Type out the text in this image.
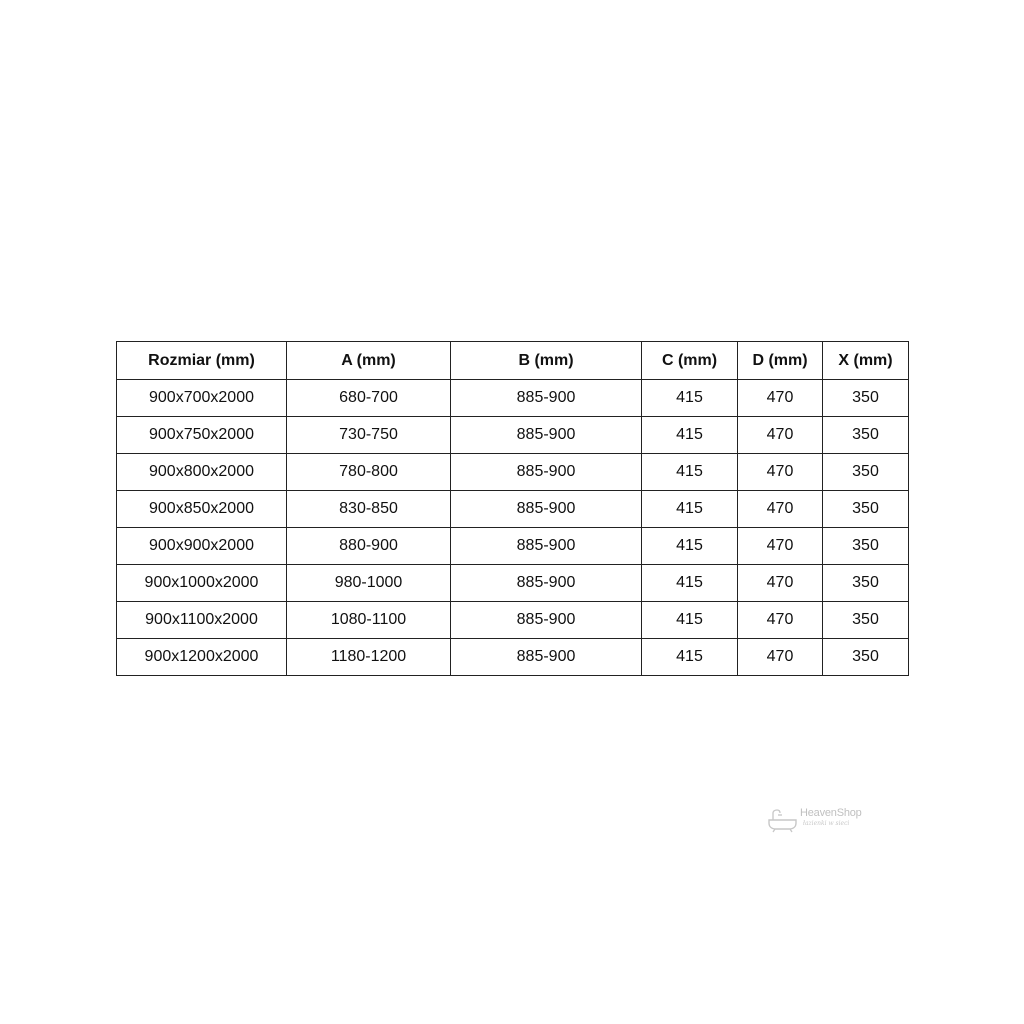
Rozmiar (mm)	A (mm)	B (mm)	C (mm)	D (mm)	X (mm)
900x700x2000	680-700	885-900	415	470	350
900x750x2000	730-750	885-900	415	470	350
900x800x2000	780-800	885-900	415	470	350
900x850x2000	830-850	885-900	415	470	350
900x900x2000	880-900	885-900	415	470	350
900x1000x2000	980-1000	885-900	415	470	350
900x1100x2000	1080-1100	885-900	415	470	350
900x1200x2000	1180-1200	885-900	415	470	350
HeavenShop
łazienki w sieci
